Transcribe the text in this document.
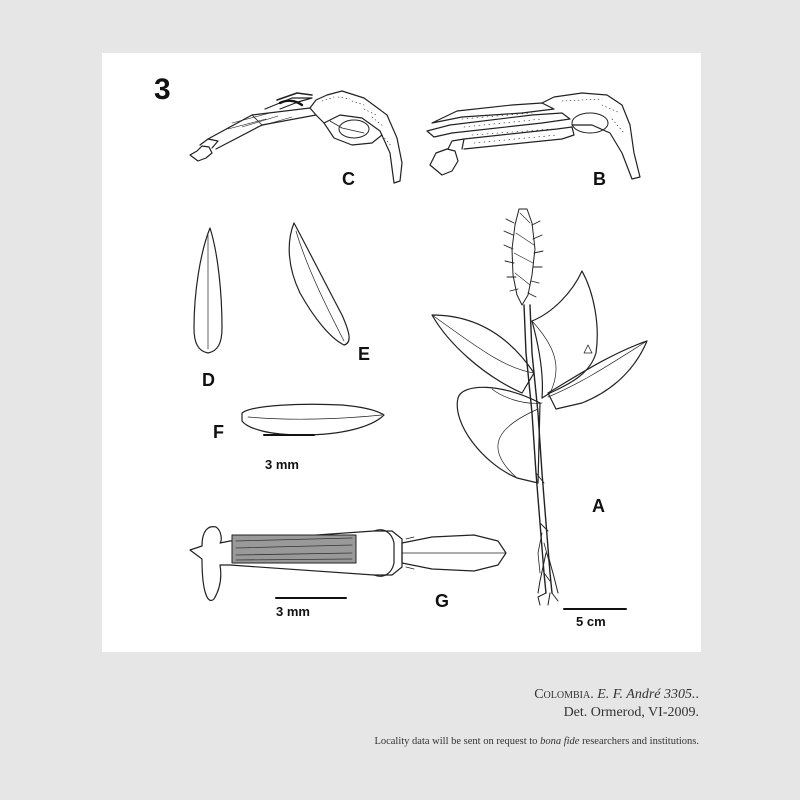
3
A
B
C
D
E
F
G
3 mm
3 mm
5 cm
Colombia. E. F. André 3305..
Det. Ormerod, VI-2009.
Locality data will be sent on request to bona fide researchers and institutions.
